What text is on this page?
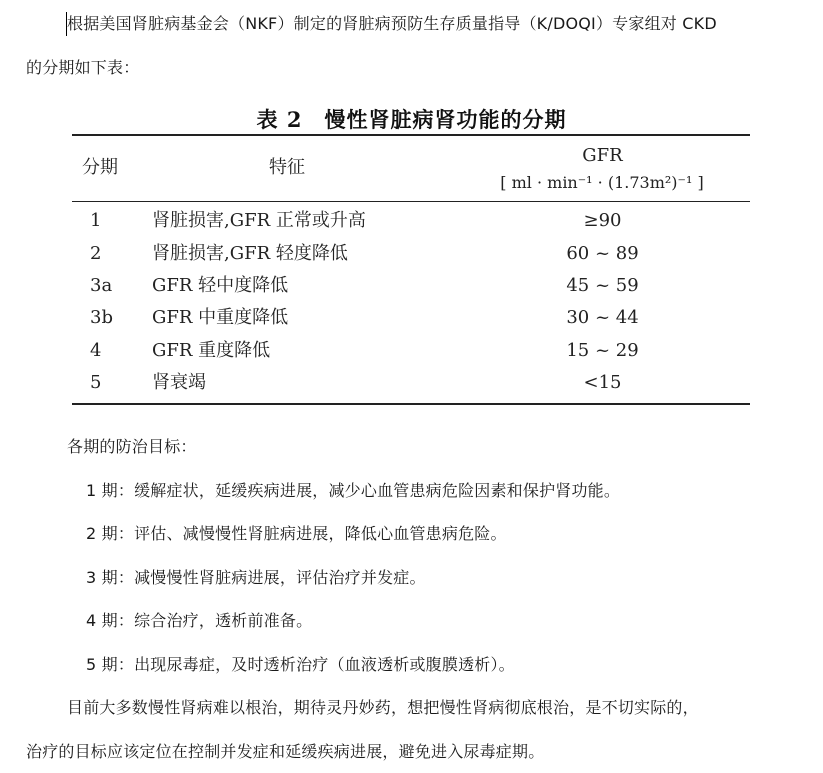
根据美国肾脏病基金会（NKF）制定的肾脏病预防生存质量指导（K/DOQI）专家组对 CKD
的分期如下表：
表 2　慢性肾脏病肾功能的分期
分期	特征
GFR
[ ml · min⁻¹ · (1.73m²)⁻¹ ]
1	肾脏损害,GFR 正常或升高	≥90
2	肾脏损害,GFR 轻度降低	60 ~ 89
3a GFR 轻中度降低	45 ~ 59
3b GFR 中重度降低	30 ~ 44
4	GFR 重度降低	15 ~ 29
5	肾衰竭	<15
各期的防治目标：
1 期：缓解症状，延缓疾病进展，减少心血管患病危险因素和保护肾功能。
2 期：评估、减慢慢性肾脏病进展，降低心血管患病危险。
3 期：减慢慢性肾脏病进展，评估治疗并发症。
4 期：综合治疗，透析前准备。
5 期：出现尿毒症，及时透析治疗（血液透析或腹膜透析）。
目前大多数慢性肾病难以根治，期待灵丹妙药，想把慢性肾病彻底根治，是不切实际的，
治疗的目标应该定位在控制并发症和延缓疾病进展，避免进入尿毒症期。
